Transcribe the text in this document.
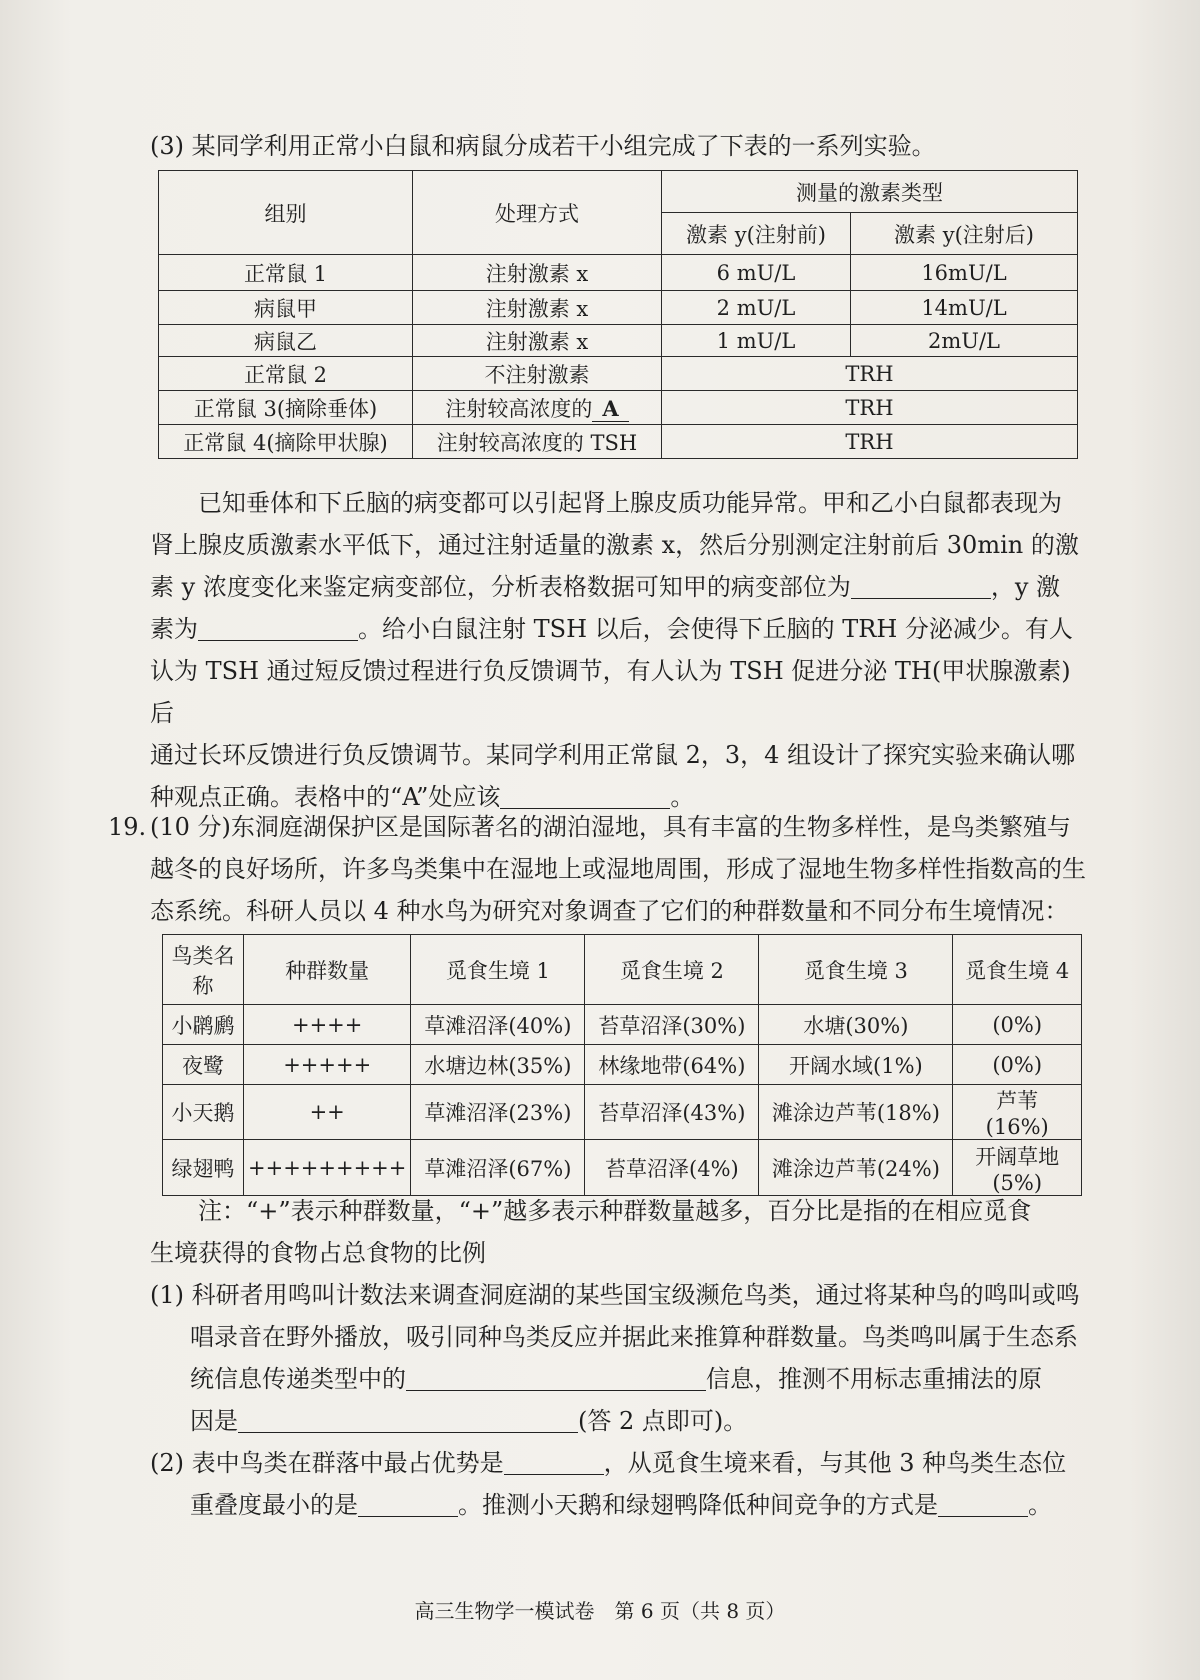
(3) 某同学利用正常小白鼠和病鼠分成若干小组完成了下表的一系列实验。

组别	处理方式	测量的激素类型	
		激素 y(注射前)	激素 y(注射后)
正常鼠 1	注射激素 x	6 mU/L	16mU/L
病鼠甲	注射激素 x	2 mU/L	14mU/L
病鼠乙	注射激素 x	1 mU/L	2mU/L
正常鼠 2	不注射激素	TRH	
正常鼠 3(摘除垂体)	注射较高浓度的 A	TRH	
正常鼠 4(摘除甲状腺)	注射较高浓度的 TSH	TRH	

已知垂体和下丘脑的病变都可以引起肾上腺皮质功能异常。甲和乙小白鼠都表现为

肾上腺皮质激素水平低下，通过注射适量的激素 x，然后分别测定注射前后 30min 的激

素 y 浓度变化来鉴定病变部位，分析表格数据可知甲的病变部位为	，y 激

素为	。给小白鼠注射 TSH 以后，会使得下丘脑的 TRH 分泌减少。有人

认为 TSH 通过短反馈过程进行负反馈调节，有人认为 TSH 促进分泌 TH(甲状腺激素)后

通过长环反馈进行负反馈调节。某同学利用正常鼠 2，3，4 组设计了探究实验来确认哪

种观点正确。表格中的“A”处应该	。

19. (10 分)东洞庭湖保护区是国际著名的湖泊湿地，具有丰富的生物多样性，是鸟类繁殖与

越冬的良好场所，许多鸟类集中在湿地上或湿地周围，形成了湿地生物多样性指数高的生

态系统。科研人员以 4 种水鸟为研究对象调查了它们的种群数量和不同分布生境情况：

鸟类名称	种群数量	觅食生境 1	觅食生境 2	觅食生境 3	觅食生境 4
小䴙䴘	++++	草滩沼泽(40%)	苔草沼泽(30%)	水塘(30%)	(0%)
夜鹭	+++++	水塘边林(35%)	林缘地带(64%)	开阔水域(1%)	(0%)
小天鹅	++	草滩沼泽(23%)	苔草沼泽(43%)	滩涂边芦苇(18%)	芦苇　(16%)
绿翅鸭	+++++++++	草滩沼泽(67%)	苔草沼泽(4%)	滩涂边芦苇(24%)	开阔草地(5%)

注：“+”表示种群数量，“+”越多表示种群数量越多，百分比是指的在相应觅食

生境获得的食物占总食物的比例

(1) 科研者用鸣叫计数法来调查洞庭湖的某些国宝级濒危鸟类，通过将某种鸟的鸣叫或鸣

唱录音在野外播放，吸引同种鸟类反应并据此来推算种群数量。鸟类鸣叫属于生态系

统信息传递类型中的	信息，推测不用标志重捕法的原

因是	(答 2 点即可)。

(2) 表中鸟类在群落中最占优势是	，从觅食生境来看，与其他 3 种鸟类生态位

重叠度最小的是	。推测小天鹅和绿翅鸭降低种间竞争的方式是	。

高三生物学一模试卷　第 6 页（共 8 页）
